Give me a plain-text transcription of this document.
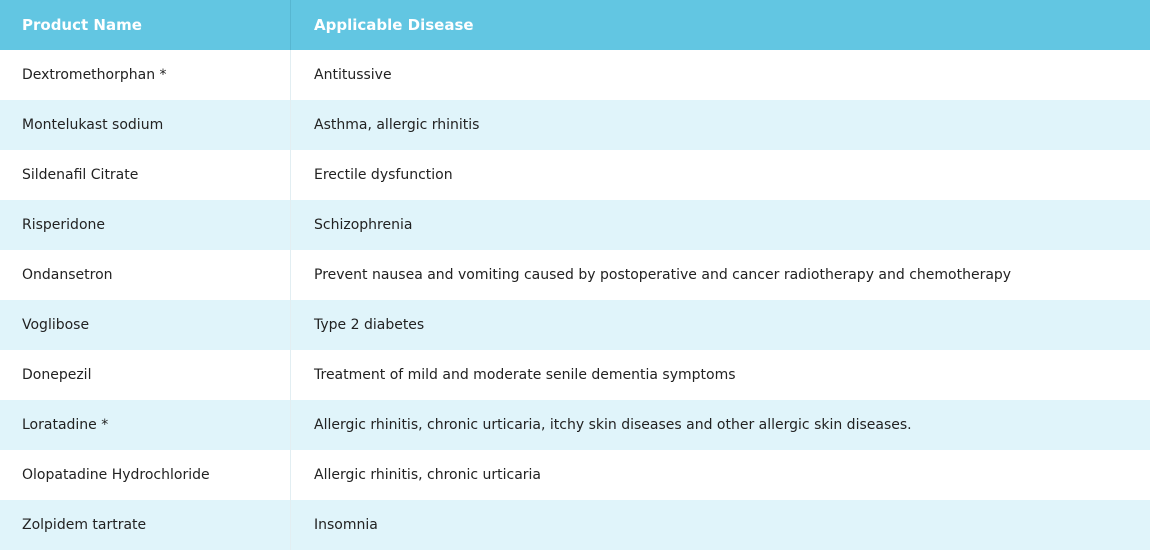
Product Name	Applicable Disease
Dextromethorphan *	Antitussive
Montelukast sodium	Asthma, allergic rhinitis
Sildenafil Citrate	Erectile dysfunction
Risperidone	Schizophrenia
Ondansetron	Prevent nausea and vomiting caused by postoperative and cancer radiotherapy and chemotherapy
Voglibose	Type 2 diabetes
Donepezil	Treatment of mild and moderate senile dementia symptoms
Loratadine *	Allergic rhinitis, chronic urticaria, itchy skin diseases and other allergic skin diseases.
Olopatadine Hydrochloride	Allergic rhinitis, chronic urticaria
Zolpidem tartrate	Insomnia
